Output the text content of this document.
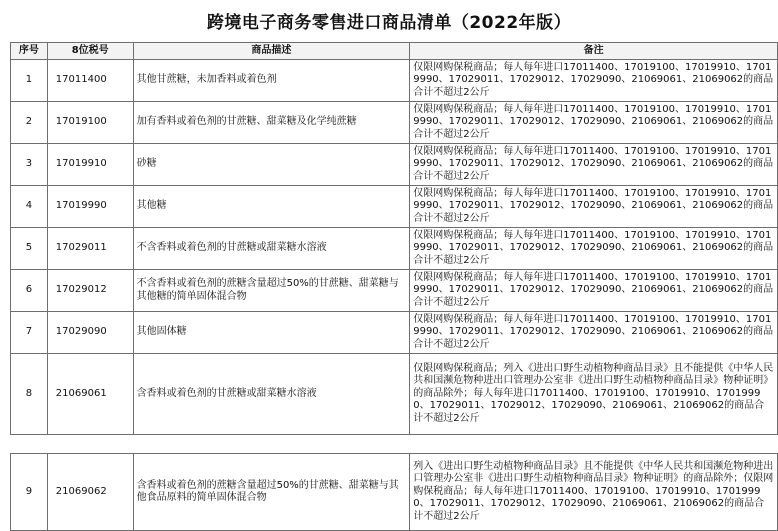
跨境电子商务零售进口商品清单（2022年版）
序号	8位税号	商品描述	备注
1	17011400	其他甘蔗糖，未加香料或着色剂	仅限网购保税商品；每人每年进口17011400、17019100、17019910、17019990、17029011、17029012、17029090、21069061、21069062的商品合计不超过2公斤
2	17019100	加有香料或着色剂的甘蔗糖、甜菜糖及化学纯蔗糖	仅限网购保税商品；每人每年进口17011400、17019100、17019910、17019990、17029011、17029012、17029090、21069061、21069062的商品合计不超过2公斤
3	17019910	砂糖	仅限网购保税商品；每人每年进口17011400、17019100、17019910、17019990、17029011、17029012、17029090、21069061、21069062的商品合计不超过2公斤
4	17019990	其他糖	仅限网购保税商品；每人每年进口17011400、17019100、17019910、17019990、17029011、17029012、17029090、21069061、21069062的商品合计不超过2公斤
5	17029011	不含香料或着色剂的甘蔗糖或甜菜糖水溶液	仅限网购保税商品；每人每年进口17011400、17019100、17019910、17019990、17029011、17029012、17029090、21069061、21069062的商品合计不超过2公斤
6	17029012	不含香料或着色剂的蔗糖含量超过50%的甘蔗糖、甜菜糖与其他糖的简单固体混合物	仅限网购保税商品；每人每年进口17011400、17019100、17019910、17019990、17029011、17029012、17029090、21069061、21069062的商品合计不超过2公斤
7	17029090	其他固体糖	仅限网购保税商品；每人每年进口17011400、17019100、17019910、17019990、17029011、17029012、17029090、21069061、21069062的商品合计不超过2公斤
8	21069061	含香料或着色剂的甘蔗糖或甜菜糖水溶液	仅限网购保税商品；列入《进出口野生动植物种商品目录》且不能提供《中华人民共和国濒危物种进出口管理办公室非《进出口野生动植物种商品目录》物种证明》的商品除外；每人每年进口17011400、17019100、17019910、17019990、17029011、17029012、17029090、21069061、21069062的商品合计不超过2公斤

9	21069062	含香料或着色剂的蔗糖含量超过50%的甘蔗糖、甜菜糖与其他食品原料的简单固体混合物	列入《进出口野生动植物种商品目录》且不能提供《中华人民共和国濒危物种进出口管理办公室非《进出口野生动植物种商品目录》物种证明》的商品除外；仅限网购保税商品；每人每年进口17011400、17019100、17019910、17019990、17029011、17029012、17029090、21069061、21069062的商品合计不超过2公斤
